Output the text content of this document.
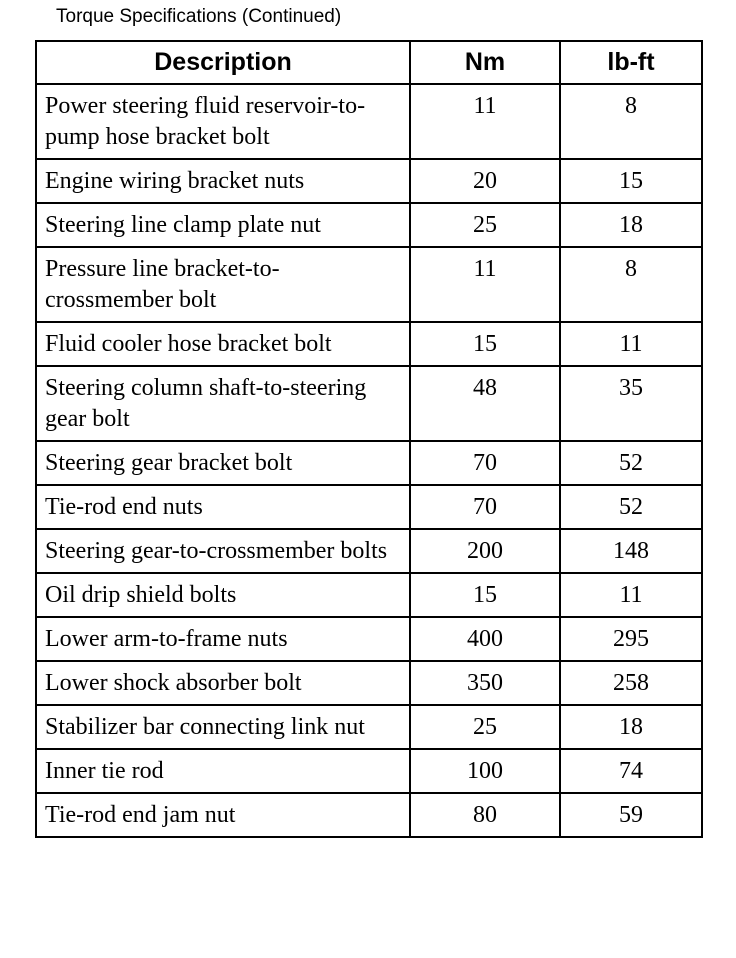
Torque Specifications (Continued)
Description	Nm	lb-ft
Power steering fluid reservoir-to-pump hose bracket bolt	11	8
Engine wiring bracket nuts	20	15
Steering line clamp plate nut	25	18
Pressure line bracket-to-crossmember bolt	11	8
Fluid cooler hose bracket bolt	15	11
Steering column shaft-to-steering gear bolt	48	35
Steering gear bracket bolt	70	52
Tie-rod end nuts	70	52
Steering gear-to-crossmember bolts	200	148
Oil drip shield bolts	15	11
Lower arm-to-frame nuts	400	295
Lower shock absorber bolt	350	258
Stabilizer bar connecting link nut	25	18
Inner tie rod	100	74
Tie-rod end jam nut	80	59
